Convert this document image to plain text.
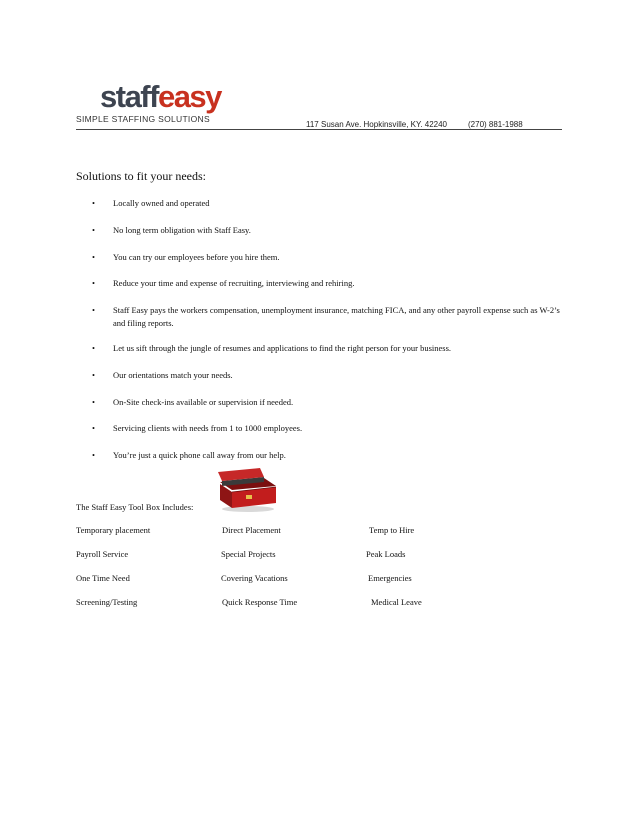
staffeasy
SIMPLE STAFFING SOLUTIONS
117 Susan Ave. Hopkinsville, KY. 42240	(270) 881-1988
Solutions to fit your needs:
• Locally owned and operated
• No long term obligation with Staff Easy.
• You can try our employees before you hire them.
• Reduce your time and expense of recruiting, interviewing and rehiring.
• Staff Easy pays the workers compensation, unemployment insurance, matching FICA, and any other payroll expense such as W-2’s and filing reports.
• Let us sift through the jungle of resumes and applications to find the right person for your business.
• Our orientations match your needs.
• On-Site check-ins available or supervision if needed.
• Servicing clients with needs from 1 to 1000 employees.
• You’re just a quick phone call away from our help.
The Staff Easy Tool Box Includes:
Temporary placement	Direct Placement	Temp to Hire
Payroll Service	Special Projects	Peak Loads
One Time Need	Covering Vacations	Emergencies
Screening/Testing	Quick Response Time	Medical Leave
